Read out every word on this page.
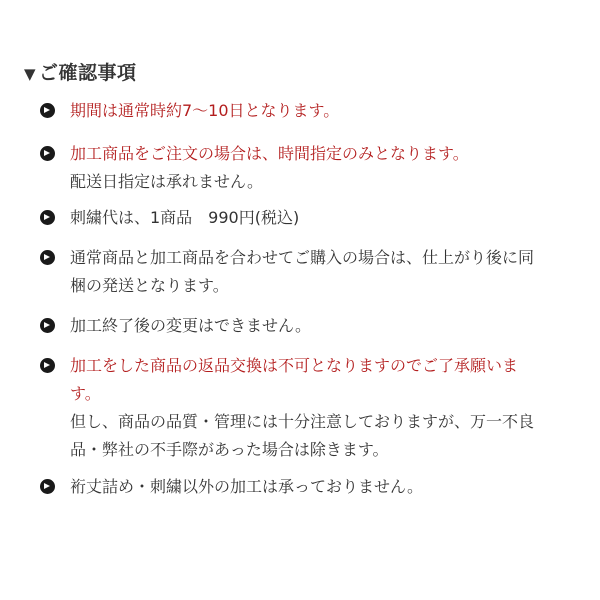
▼ ご確認事項
期間は通常時約7～10日となります。
加工商品をご注文の場合は、時間指定のみとなります。
配送日指定は承れません。
刺繍代は、1商品　990円(税込)
通常商品と加工商品を合わせてご購入の場合は、仕上がり後に同
梱の発送となります。
加工終了後の変更はできません。
加工をした商品の返品交換は不可となりますのでご了承願いま
す。
但し、商品の品質・管理には十分注意しておりますが、万一不良
品・弊社の不手際があった場合は除きます。
裄丈詰め・刺繍以外の加工は承っておりません。
